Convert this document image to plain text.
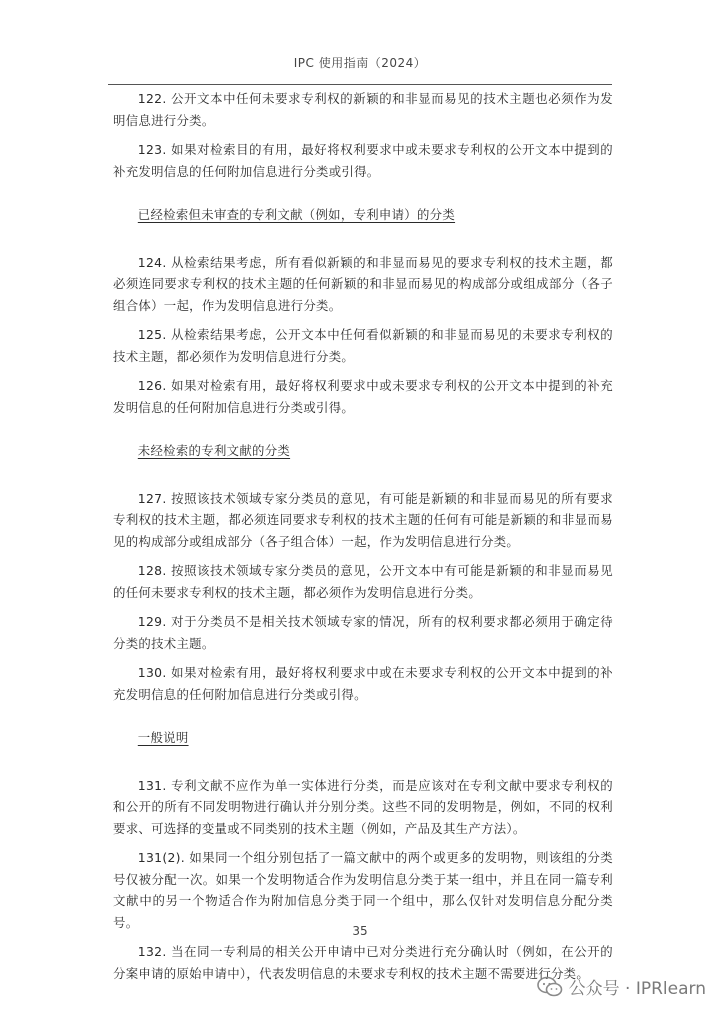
IPC 使用指南（2024）

122. 公开文本中任何未要求专利权的新颖的和非显而易见的技术主题也必须作为发明信息进行分类。

123. 如果对检索目的有用，最好将权利要求中或未要求专利权的公开文本中提到的补充发明信息的任何附加信息进行分类或引得。

已经检索但未审查的专利文献（例如，专利申请）的分类

124. 从检索结果考虑，所有看似新颖的和非显而易见的要求专利权的技术主题，都必须连同要求专利权的技术主题的任何新颖的和非显而易见的构成部分或组成部分（各子组合体）一起，作为发明信息进行分类。

125. 从检索结果考虑，公开文本中任何看似新颖的和非显而易见的未要求专利权的技术主题，都必须作为发明信息进行分类。

126. 如果对检索有用，最好将权利要求中或未要求专利权的公开文本中提到的补充发明信息的任何附加信息进行分类或引得。

未经检索的专利文献的分类

127. 按照该技术领域专家分类员的意见，有可能是新颖的和非显而易见的所有要求专利权的技术主题，都必须连同要求专利权的技术主题的任何有可能是新颖的和非显而易见的构成部分或组成部分（各子组合体）一起，作为发明信息进行分类。

128. 按照该技术领域专家分类员的意见，公开文本中有可能是新颖的和非显而易见的任何未要求专利权的技术主题，都必须作为发明信息进行分类。

129. 对于分类员不是相关技术领域专家的情况，所有的权利要求都必须用于确定待分类的技术主题。

130. 如果对检索有用，最好将权利要求中或在未要求专利权的公开文本中提到的补充发明信息的任何附加信息进行分类或引得。

一般说明

131. 专利文献不应作为单一实体进行分类，而是应该对在专利文献中要求专利权的和公开的所有不同发明物进行确认并分别分类。这些不同的发明物是，例如，不同的权利要求、可选择的变量或不同类别的技术主题（例如，产品及其生产方法）。

131(2). 如果同一个组分别包括了一篇文献中的两个或更多的发明物，则该组的分类号仅被分配一次。如果一个发明物适合作为发明信息分类于某一组中，并且在同一篇专利文献中的另一个物适合作为附加信息分类于同一个组中，那么仅针对发明信息分配分类号。

132. 当在同一专利局的相关公开申请中已对分类进行充分确认时（例如，在公开的分案申请的原始申请中），代表发明信息的未要求专利权的技术主题不需要进行分类。

35
公众号 · IPRlearn
